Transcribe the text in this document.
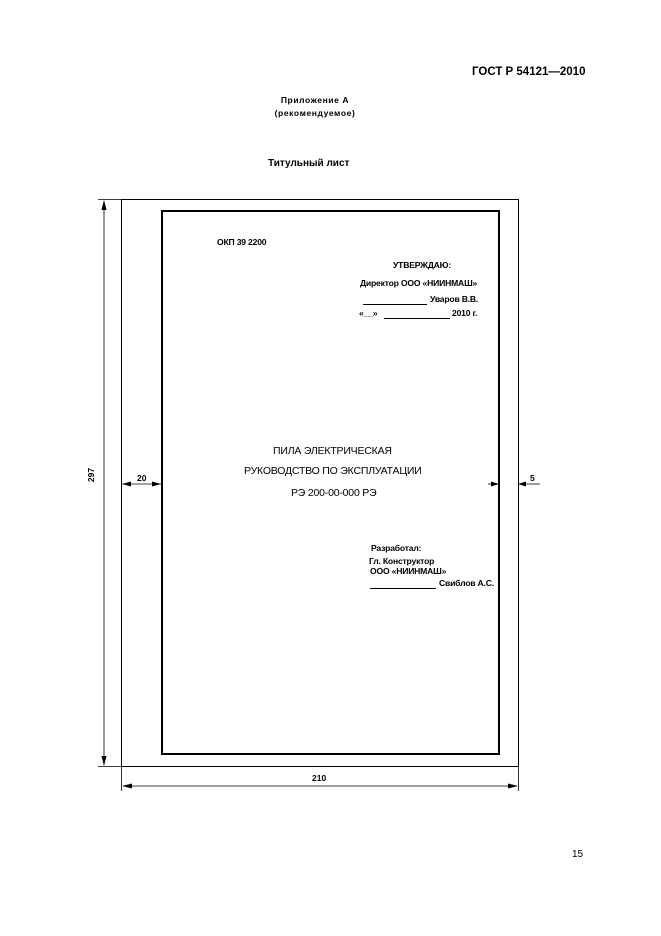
ГОСТ Р 54121—2010
Приложение А
(рекомендуемое)
Титульный лист
297
210
20	5
ОКП 39 2200
УТВЕРЖДАЮ:
Директор ООО «НИИНМАШ»
Уваров В.В.
«__»	2010 г.
ПИЛА ЭЛЕКТРИЧЕСКАЯ
РУКОВОДСТВО ПО ЭКСПЛУАТАЦИИ
РЭ 200-00-000 РЭ
Разработал:
Гл. Конструктор
ООО «НИИНМАШ»
Свиблов А.С.
15
